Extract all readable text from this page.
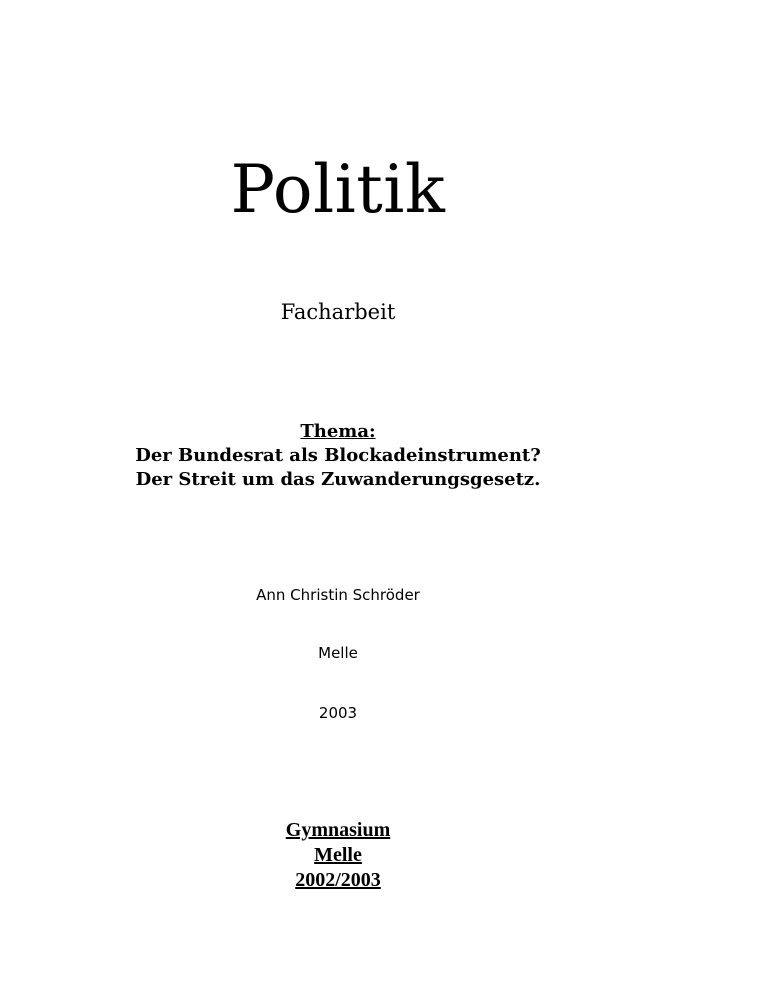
Politik
Facharbeit
Thema:
Der Bundesrat als Blockadeinstrument?
Der Streit um das Zuwanderungsgesetz.
Ann Christin Schröder
Melle
2003
Gymnasium
Melle
2002/2003
